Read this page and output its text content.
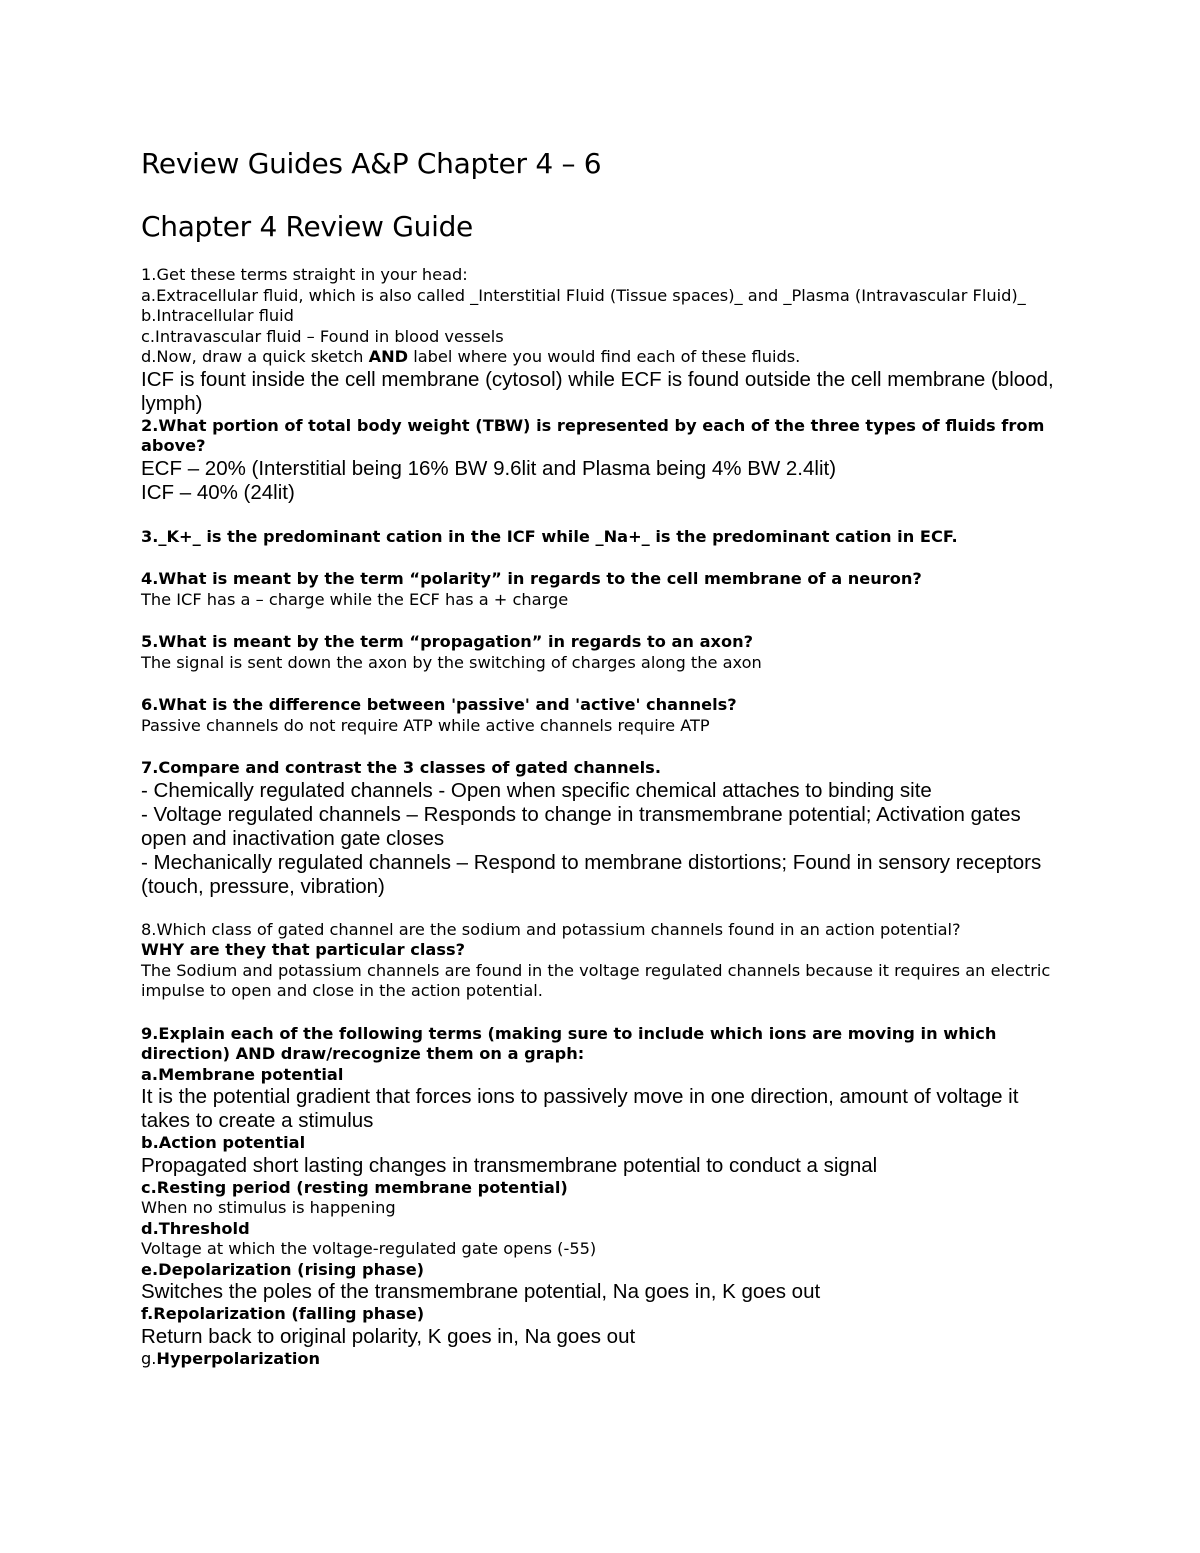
Review Guides A&P Chapter 4 – 6
Chapter 4 Review Guide

1.Get these terms straight in your head:

a.Extracellular fluid, which is also called _Interstitial Fluid (Tissue spaces)_ and _Plasma (Intravascular Fluid)_

b.Intracellular fluid

c.Intravascular fluid – Found in blood vessels

d.Now, draw a quick sketch AND label where you would find each of these fluids.

ICF is fount inside the cell membrane (cytosol) while ECF is found outside the cell membrane (blood, lymph)

2.What portion of total body weight (TBW) is represented by each of the three types of fluids from above?

ECF – 20% (Interstitial being 16% BW 9.6lit and Plasma being 4% BW 2.4lit)

ICF – 40% (24lit)

3._K+_ is the predominant cation in the ICF while _Na+_ is the predominant cation in ECF.

4.What is meant by the term “polarity” in regards to the cell membrane of a neuron?

The ICF has a – charge while the ECF has a + charge

5.What is meant by the term “propagation” in regards to an axon?

The signal is sent down the axon by the switching of charges along the axon

6.What is the difference between 'passive' and 'active' channels?

Passive channels do not require ATP while active channels require ATP

7.Compare and contrast the 3 classes of gated channels.

- Chemically regulated channels - Open when specific chemical attaches to binding site

- Voltage regulated channels – Responds to change in transmembrane potential; Activation gates open and inactivation gate closes

- Mechanically regulated channels – Respond to membrane distortions; Found in sensory receptors (touch, pressure, vibration)

8.Which class of gated channel are the sodium and potassium channels found in an action potential?

WHY are they that particular class?

The Sodium and potassium channels are found in the voltage regulated channels because it requires an electric impulse to open and close in the action potential.

9.Explain each of the following terms (making sure to include which ions are moving in which direction) AND draw/recognize them on a graph:

a.Membrane potential

It is the potential gradient that forces ions to passively move in one direction, amount of voltage it takes to create a stimulus

b.Action potential

Propagated short lasting changes in transmembrane potential to conduct a signal

c.Resting period (resting membrane potential)

When no stimulus is happening

d.Threshold

Voltage at which the voltage-regulated gate opens (-55)

e.Depolarization (rising phase)

Switches the poles of the transmembrane potential, Na goes in, K goes out

f.Repolarization (falling phase)

Return back to original polarity, K goes in, Na goes out

g.Hyperpolarization
